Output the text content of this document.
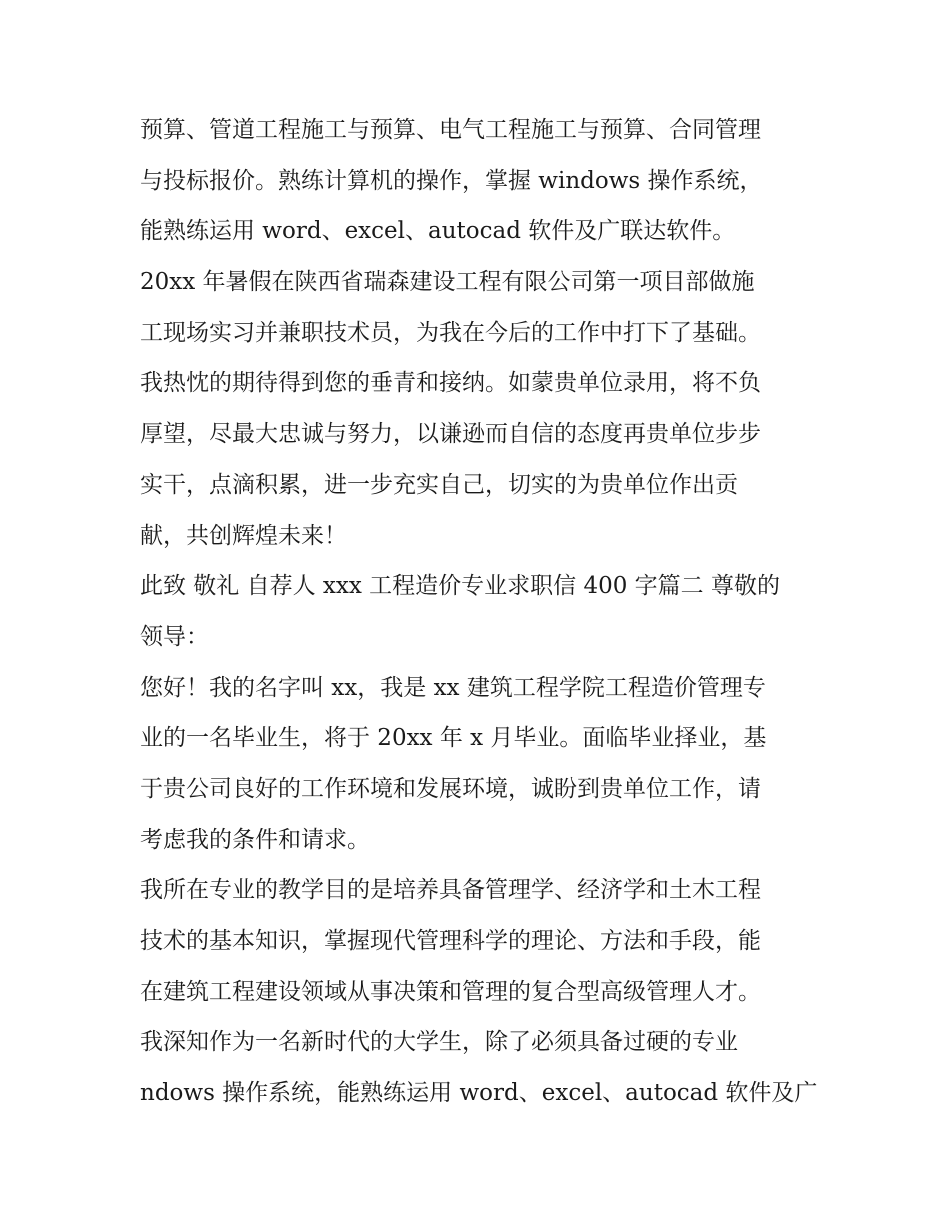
预算、管道工程施工与预算、电气工程施工与预算、合同管理
与投标报价。熟练计算机的操作，掌握 windows 操作系统，
能熟练运用 word、excel、autocad 软件及广联达软件。
20xx 年暑假在陕西省瑞森建设工程有限公司第一项目部做施
工现场实习并兼职技术员，为我在今后的工作中打下了基础。
我热忱的期待得到您的垂青和接纳。如蒙贵单位录用，将不负
厚望，尽最大忠诚与努力，以谦逊而自信的态度再贵单位步步
实干，点滴积累，进一步充实自己，切实的为贵单位作出贡
献，共创辉煌未来！
此致 敬礼 自荐人 xxx 工程造价专业求职信 400 字篇二 尊敬的
领导：
您好！我的名字叫 xx，我是 xx 建筑工程学院工程造价管理专
业的一名毕业生，将于 20xx 年 x 月毕业。面临毕业择业，基
于贵公司良好的工作环境和发展环境，诚盼到贵单位工作，请
考虑我的条件和请求。
我所在专业的教学目的是培养具备管理学、经济学和土木工程
技术的基本知识，掌握现代管理科学的理论、方法和手段，能
在建筑工程建设领域从事决策和管理的复合型高级管理人才。
我深知作为一名新时代的大学生，除了必须具备过硬的专业
ndows 操作系统，能熟练运用 word、excel、autocad 软件及广
